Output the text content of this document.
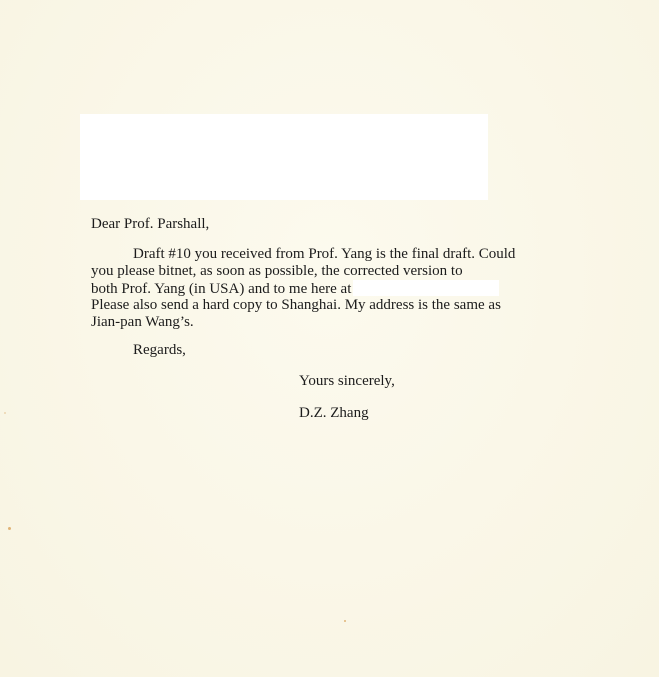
Dear Prof. Parshall,
Draft #10 you received from Prof. Yang is the final draft. Could
you please bitnet, as soon as possible, the corrected version to
both Prof. Yang (in USA) and to me here at
Please also send a hard copy to Shanghai. My address is the same as
Jian-pan Wang’s.
Regards,
Yours sincerely,
D.Z. Zhang
